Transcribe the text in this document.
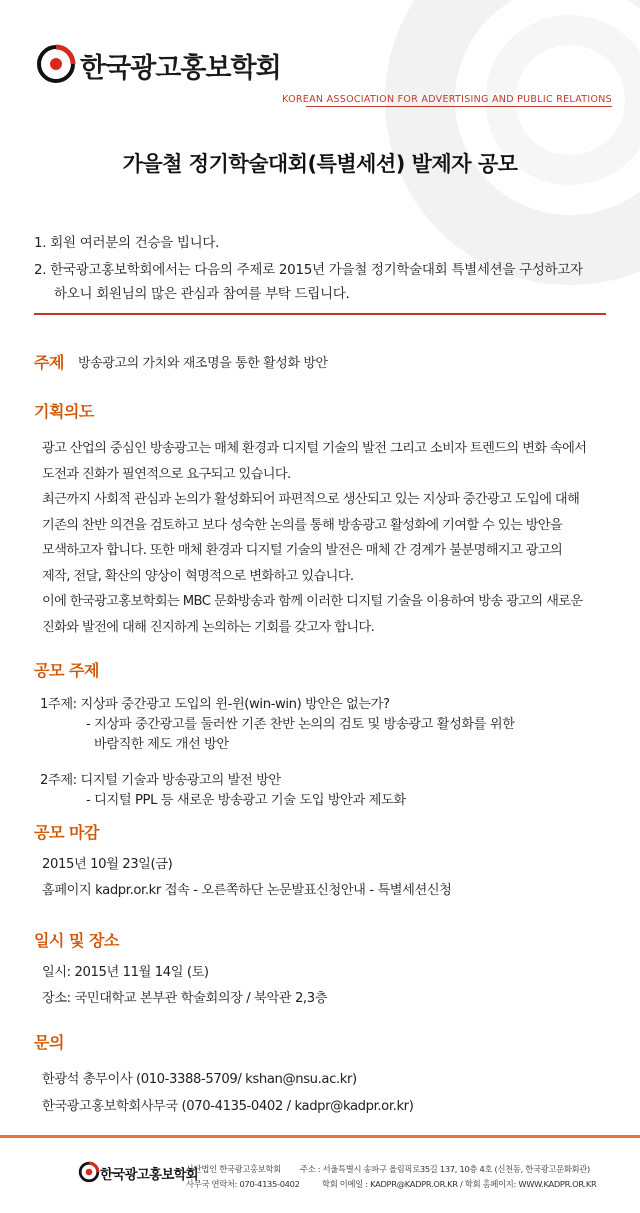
한국광고홍보학회
KOREAN ASSOCIATION FOR ADVERTISING AND PUBLIC RELATIONS
가을철 정기학술대회(특별세션) 발제자 공모
1. 회원 여러분의 건승을 빕니다.
2. 한국광고홍보학회에서는 다음의 주제로 2015년 가을철 정기학술대회 특별세션을 구성하고자
하오니 회원님의 많은 관심과 참여를 부탁 드립니다.
주제 방송광고의 가치와 재조명을 통한 활성화 방안
기획의도
광고 산업의 중심인 방송광고는 매체 환경과 디지털 기술의 발전 그리고 소비자 트렌드의 변화 속에서
도전과 진화가 필연적으로 요구되고 있습니다.
최근까지 사회적 관심과 논의가 활성화되어 파편적으로 생산되고 있는 지상파 중간광고 도입에 대해
기존의 찬반 의견을 검토하고 보다 성숙한 논의를 통해 방송광고 활성화에 기여할 수 있는 방안을
모색하고자 합니다. 또한 매체 환경과 디지털 기술의 발전은 매체 간 경계가 불분명해지고 광고의
제작, 전달, 확산의 양상이 혁명적으로 변화하고 있습니다.
이에 한국광고홍보학회는 MBC 문화방송과 함께 이러한 디지털 기술을 이용하여 방송 광고의 새로운
진화와 발전에 대해 진지하게 논의하는 기회를 갖고자 합니다.
공모 주제
1주제: 지상파 중간광고 도입의 윈-윈(win-win) 방안은 없는가?
- 지상파 중간광고를 둘러싼 기존 찬반 논의의 검토 및 방송광고 활성화를 위한
바람직한 제도 개선 방안
2주제: 디지털 기술과 방송광고의 발전 방안
- 디지털 PPL 등 새로운 방송광고 기술 도입 방안과 제도화
공모 마감
2015년 10월 23일(금)
홈페이지 kadpr.or.kr 접속 - 오른쪽하단 논문발표신청안내 - 특별세션신청
일시 및 장소
일시: 2015년 11월 14일 (토)
장소: 국민대학교 본부관 학술회의장 / 북악관 2,3층
문의
한광석 총무이사 (010-3388-5709/ kshan@nsu.ac.kr)
한국광고홍보학회사무국 (070-4135-0402 / kadpr@kadpr.or.kr)
한국광고홍보학회
사단법인 한국광고홍보학회
사무국 연락처: 070-4135-0402
주소 : 서울특별시 송파구 올림픽로35길 137, 10층 4호 (신천동, 한국광고문화회관)
학회 이메일 : KADPR@KADPR.OR.KR / 학회 홈페이지: WWW.KADPR.OR.KR
